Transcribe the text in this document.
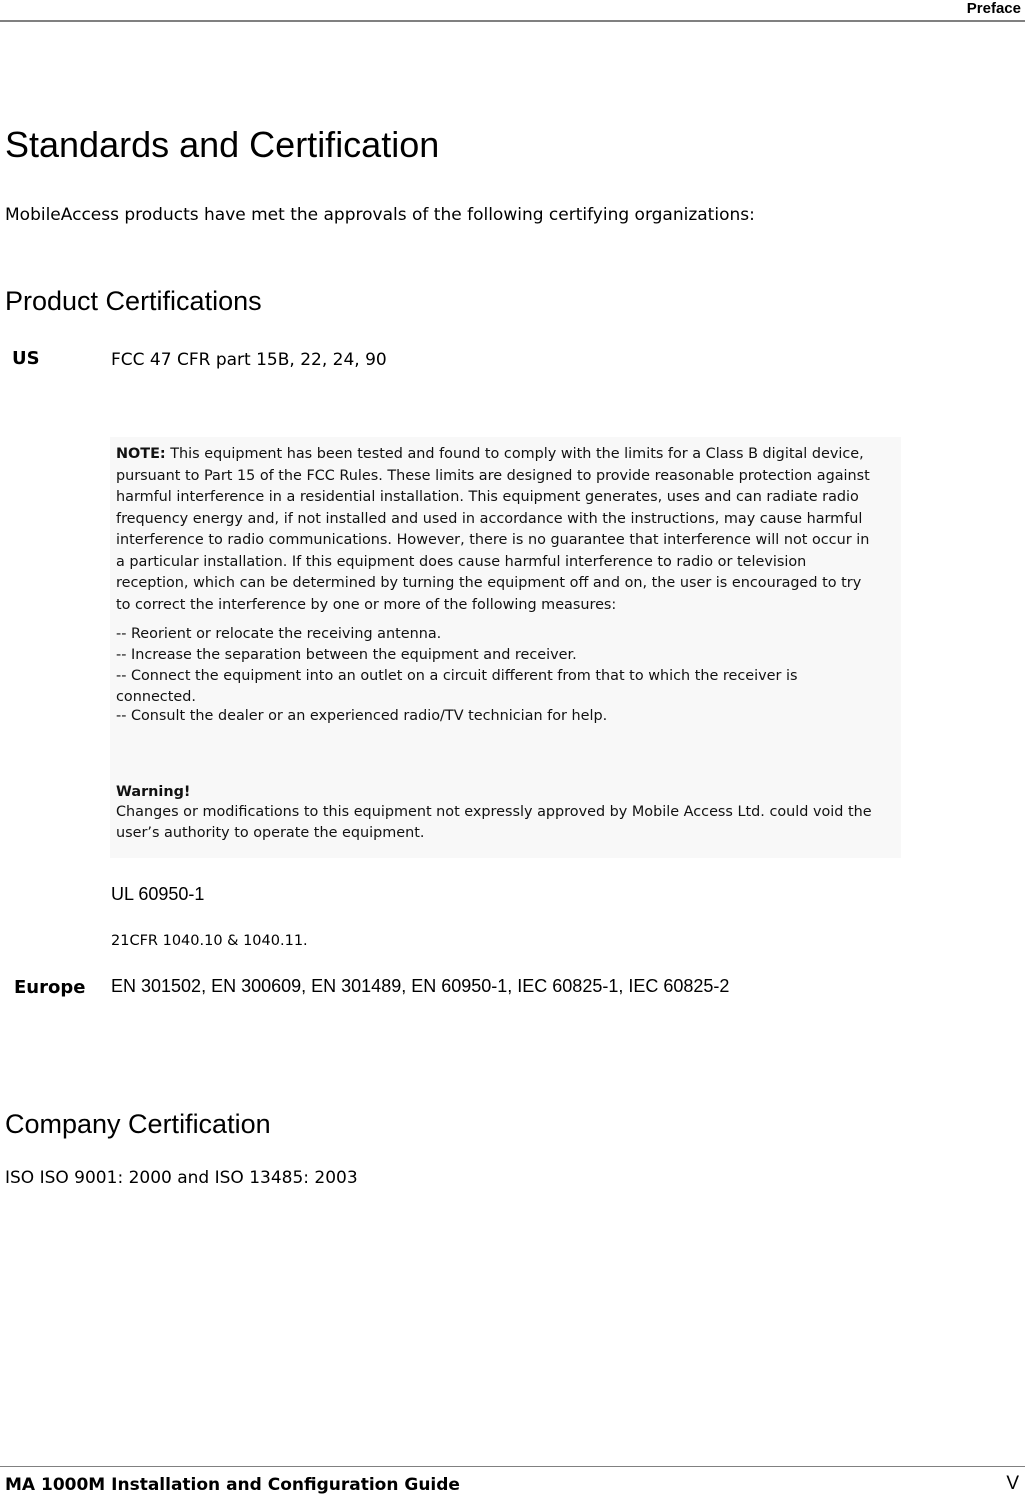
Preface
Standards and Certification
MobileAccess products have met the approvals of the following certifying organizations:
Product Certifications
US	FCC 47 CFR part 15B, 22, 24, 90
NOTE: This equipment has been tested and found to comply with the limits for a Class B digital device,
pursuant to Part 15 of the FCC Rules. These limits are designed to provide reasonable protection against
harmful interference in a residential installation. This equipment generates, uses and can radiate radio
frequency energy and, if not installed and used in accordance with the instructions, may cause harmful
interference to radio communications. However, there is no guarantee that interference will not occur in
a particular installation. If this equipment does cause harmful interference to radio or television
reception, which can be determined by turning the equipment off and on, the user is encouraged to try
to correct the interference by one or more of the following measures:
-- Reorient or relocate the receiving antenna.
-- Increase the separation between the equipment and receiver.
-- Connect the equipment into an outlet on a circuit different from that to which the receiver is
connected.
-- Consult the dealer or an experienced radio/TV technician for help.
Warning!
Changes or modifications to this equipment not expressly approved by Mobile Access Ltd. could void the
user’s authority to operate the equipment.
UL 60950-1
21CFR 1040.10 & 1040.11.
Europe EN 301502, EN 300609, EN 301489, EN 60950-1, IEC 60825-1, IEC 60825-2
Company Certification
ISO ISO 9001: 2000 and ISO 13485: 2003
MA 1000M Installation and Configuration Guide	V
